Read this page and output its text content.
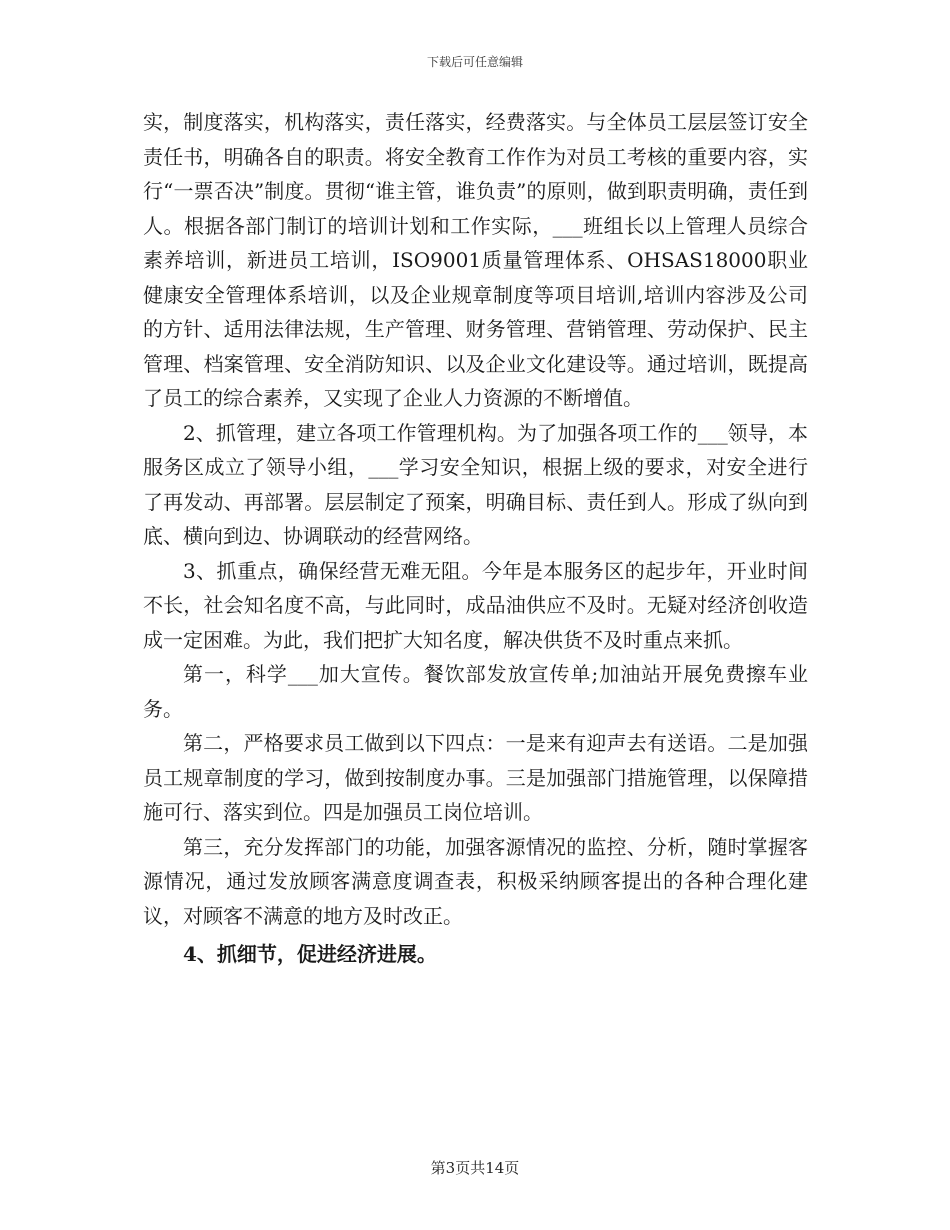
下载后可任意编辑

实，制度落实，机构落实，责任落实，经费落实。与全体员工层层签订安全责任书，明确各自的职责。将安全教育工作作为对员工考核的重要内容，实行“一票否决”制度。贯彻“谁主管，谁负责”的原则，做到职责明确，责任到人。根据各部门制订的培训计划和工作实际，___班组长以上管理人员综合素养培训，新进员工培训，ISO9001质量管理体系、OHSAS18000职业健康安全管理体系培训，以及企业规章制度等项目培训,培训内容涉及公司的方针、适用法律法规，生产管理、财务管理、营销管理、劳动保护、民主管理、档案管理、安全消防知识、以及企业文化建设等。通过培训，既提高了员工的综合素养，又实现了企业人力资源的不断增值。

2、抓管理，建立各项工作管理机构。为了加强各项工作的___领导，本服务区成立了领导小组，___学习安全知识，根据上级的要求，对安全进行了再发动、再部署。层层制定了预案，明确目标、责任到人。形成了纵向到底、横向到边、协调联动的经营网络。

3、抓重点，确保经营无难无阻。今年是本服务区的起步年，开业时间不长，社会知名度不高，与此同时，成品油供应不及时。无疑对经济创收造成一定困难。为此，我们把扩大知名度，解决供货不及时重点来抓。

第一，科学___加大宣传。餐饮部发放宣传单;加油站开展免费擦车业务。

第二，严格要求员工做到以下四点：一是来有迎声去有送语。二是加强员工规章制度的学习，做到按制度办事。三是加强部门措施管理，以保障措施可行、落实到位。四是加强员工岗位培训。

第三，充分发挥部门的功能，加强客源情况的监控、分析，随时掌握客源情况，通过发放顾客满意度调查表，积极采纳顾客提出的各种合理化建议，对顾客不满意的地方及时改正。

4、抓细节，促进经济进展。

第3页共14页
